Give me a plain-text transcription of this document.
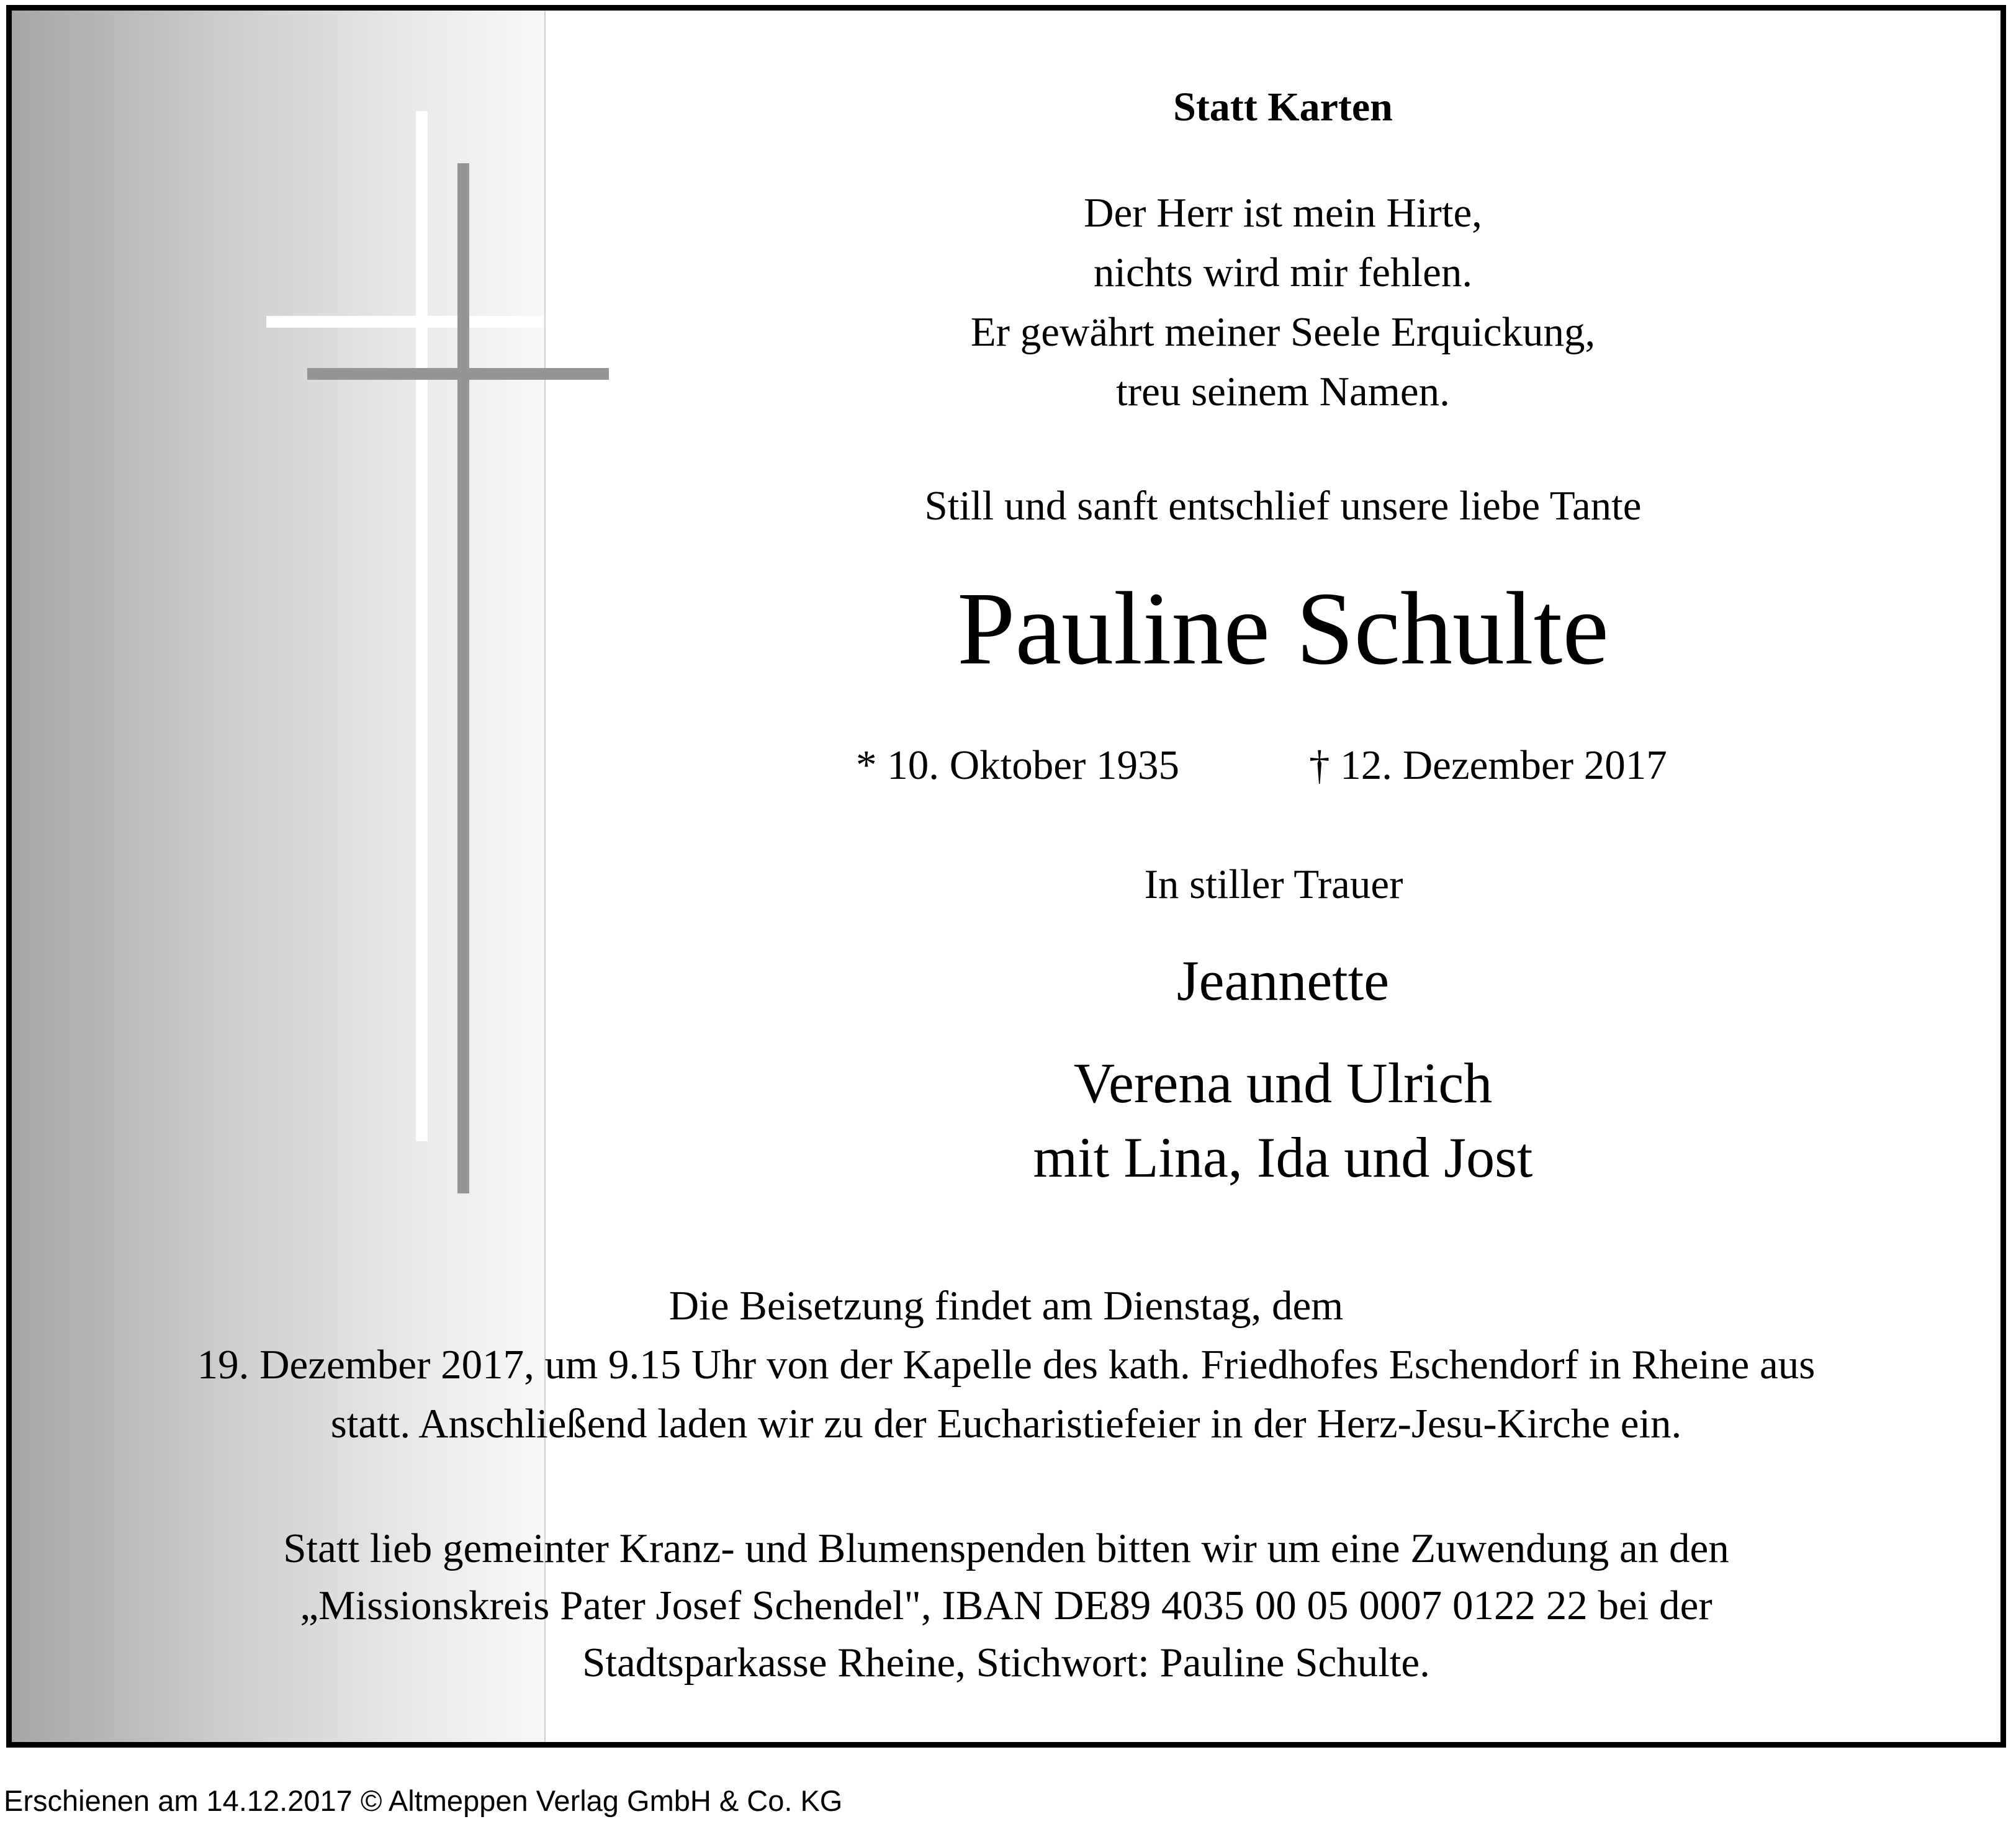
Statt Karten

Der Herr ist mein Hirte,
nichts wird mir fehlen.
Er gewährt meiner Seele Erquickung,
treu seinem Namen.

Still und sanft entschlief unsere liebe Tante

Pauline Schulte

* 10. Oktober 1935	† 12. Dezember 2017

In stiller Trauer

Jeannette

Verena und Ulrich
mit Lina, Ida und Jost
Die Beisetzung findet am Dienstag, dem
19. Dezember 2017, um 9.15 Uhr von der Kapelle des kath. Friedhofes Eschendorf in Rheine aus
statt. Anschließend laden wir zu der Eucharistiefeier in der Herz-Jesu-Kirche ein.
Statt lieb gemeinter Kranz- und Blumenspenden bitten wir um eine Zuwendung an den
„Missionskreis Pater Josef Schendel", IBAN DE89 4035 00 05 0007 0122 22 bei der
Stadtsparkasse Rheine, Stichwort: Pauline Schulte.
Erschienen am 14.12.2017 © Altmeppen Verlag GmbH & Co. KG
